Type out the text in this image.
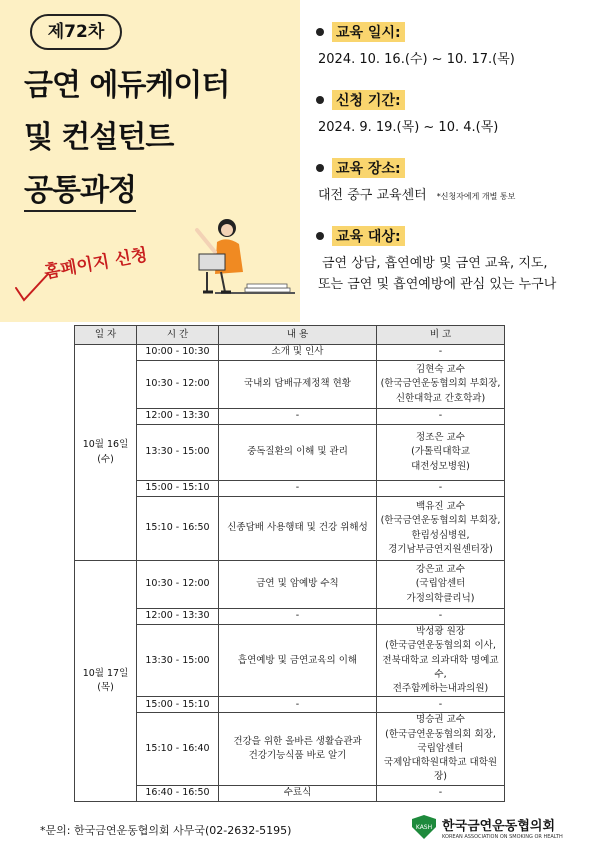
제72차
금연 에듀케이터
및 컨설턴트
공통과정
홈페이지 신청
교육 일시:
2024. 10. 16.(수) ~ 10. 17.(목)
신청 기간:
2024. 9. 19.(목) ~ 10. 4.(목)
교육 장소:
대전 중구 교육센터 *신청자에게 개별 통보
교육 대상:
금연 상담, 흡연예방 및 금연 교육, 지도,
또는 금연 및 흡연예방에 관심 있는 누구나
일 자	시 간	내 용	비 고
10월 16일
(수)	10:00 - 10:30	소개 및 인사	-
	10:30 - 12:00	국내외 담배규제정책 현황	김현숙 교수
(한국금연운동협의회 부회장,
신한대학교 간호학과)
	12:00 - 13:30	-	-
	13:30 - 15:00	중독질환의 이해 및 관리	정조은 교수
(가톨릭대학교
대전성모병원)
	15:00 - 15:10	-	-
	15:10 - 16:50	신종담배 사용행태 및 건강 위해성	백유진 교수
(한국금연운동협의회 부회장,
한림성심병원,
경기남부금연지원센터장)
10월 17일
(목)	10:30 - 12:00	금연 및 암예방 수칙	강은교 교수
(국립암센터
가정의학클리닉)
	12:00 - 13:30	-	-
	13:30 - 15:00	흡연예방 및 금연교육의 이해	박성광 원장
(한국금연운동협의회 이사,
전북대학교 의과대학 명예교수,
전주함께하는내과의원)
	15:00 - 15:10	-	-
	15:10 - 16:40	건강을 위한 올바른 생활습관과
건강기능식품 바로 알기	명승권 교수
(한국금연운동협의회 회장,
국립암센터
국제암대학원대학교 대학원장)
	16:40 - 16:50	수료식	-
*문의: 한국금연운동협의회 사무국(02-2632-5195)	KASH 한국금연운동협의회
KOREAN ASSOCIATION ON SMOKING OR HEALTH
